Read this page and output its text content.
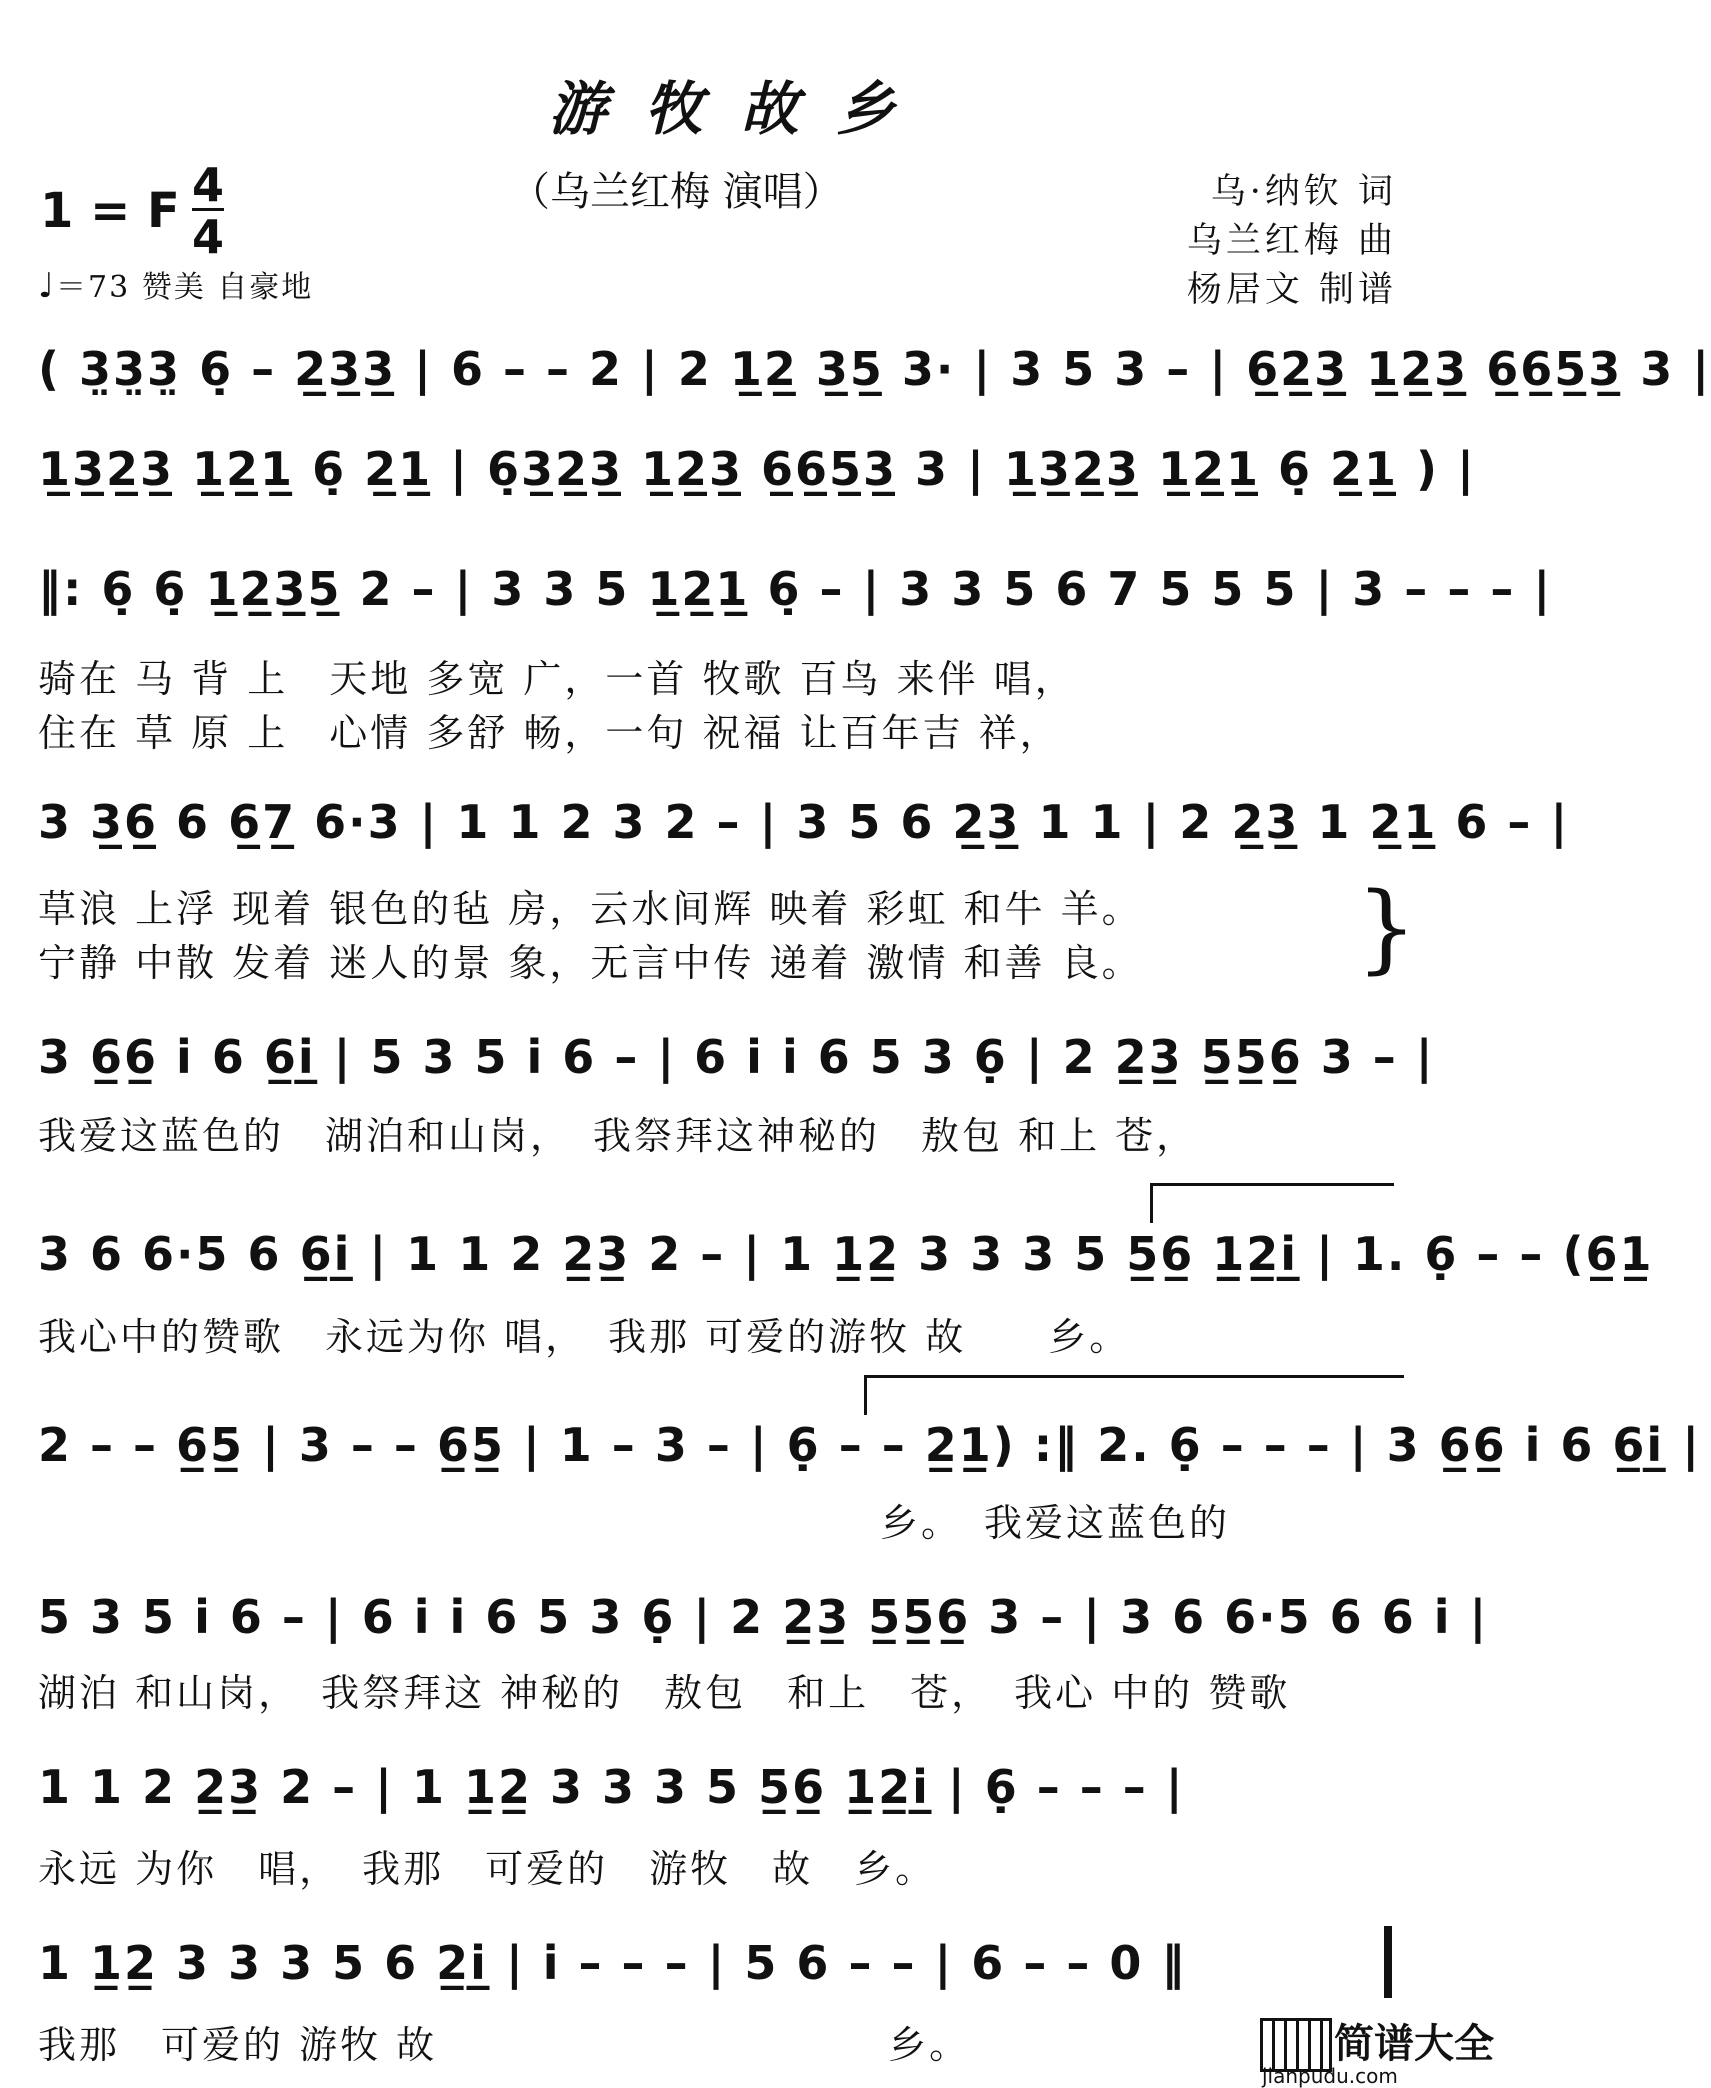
游牧故乡
（乌兰红梅 演唱）	乌·纳钦 词
乌兰红梅 曲
杨居文 制谱
1 = F 4
4
♩＝73 赞美 自豪地
( 3̤3̤3̤ 6̣ – 2̲3̲3̲ | 6 – – 2 | 2 1̲2̲ 3̲5̲ 3· | 3 5 3 – | 6̲2̲3̲ 1̲2̲3̲ 6̲6̲5̲3̲ 3 |
1̲3̲2̲3̲ 1̲2̲1̲ 6̣ 2̲1̲ | 6̣3̲2̲3̲ 1̲2̲3̲ 6̲6̲5̲3̲ 3 | 1̲3̲2̲3̲ 1̲2̲1̲ 6̣ 2̲1̲ ) |
‖: 6̣ 6̣ 1̲2̲3̲5̲ 2 – | 3 3 5 1̲2̲1̲ 6̣ – | 3 3 5 6 7 5 5 5 | 3 – – – |
骑在 马 背 上　天地 多宽 广，一首 牧歌 百鸟 来伴 唱，
住在 草 原 上　心情 多舒 畅，一句 祝福 让百年吉 祥，
3 3̲6̲ 6 6̲7̲ 6·3 | 1 1 2 3 2 – | 3 5 6 2̲3̲ 1 1 | 2 2̲3̲ 1 2̲1̲ 6 – |
草浪 上浮 现着 银色的毡 房，云水间辉 映着 彩虹 和牛 羊。
宁静 中散 发着 迷人的景 象，无言中传 递着 激情 和善 良。	}
3 6̲6̲ i 6 6̲i̲ | 5 3 5 i 6 – | 6 i i 6 5 3 6̣ | 2 2̲3̲ 5̲5̲6̲ 3 – |
我爱这蓝色的　湖泊和山岗，　我祭拜这神秘的　敖包 和上 苍，
3 6 6·5 6 6̲i̲ | 1 1 2 2̲3̲ 2 – | 1 1̲2̲ 3 3 3 5 5̲6̲ 1̲2̲i̲ | 1. 6̣ – – (6̲1̲
我心中的赞歌　永远为你 唱，　我那 可爱的游牧 故　　乡。
2 – – 6̲5̲ | 3 – – 6̲5̲ | 1 – 3 – | 6̣ – – 2̲1̲) :‖ 2. 6̣ – – – | 3 6̲6̲ i 6 6̲i̲ |
乡。　我爱这蓝色的
5 3 5 i 6 – | 6 i i 6 5 3 6̣ | 2 2̲3̲ 5̲5̲6̲ 3 – | 3 6 6·5 6 6 i |
湖泊 和山岗，　我祭拜这 神秘的　敖包　和上　苍，　我心 中的 赞歌
1 1 2 2̲3̲ 2 – | 1 1̲2̲ 3 3 3 5 5̲6̲ 1̲2̲i̲ | 6̣ – – – |
永远 为你　唱，　我那　可爱的　游牧　故　乡。
1 1̲2̲ 3 3 3 5 6 2̲i̲ | i – – – | 5 6 – – | 6 – – 0 ‖
我那　可爱的 游牧 故　　　　　　　　　　　乡。	简谱大全
jianpudu.com
